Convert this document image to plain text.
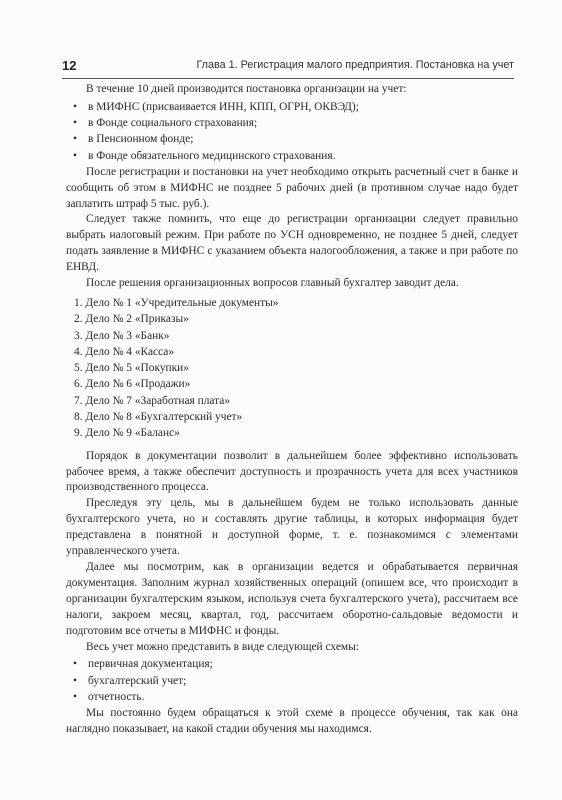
12	Глава 1. Регистрация малого предприятия. Постановка на учет

В течение 10 дней производится постановка организации на учет:

• в МИФНС (присваивается ИНН, КПП, ОГРН, ОКВЭД);
• в Фонде социального страхования;
• в Пенсионном фонде;
• в Фонде обязательного медицинского страхования.

После регистрации и постановки на учет необходимо открыть расчетный счет в банке и сообщить об этом в МИФНС не позднее 5 рабочих дней (в противном случае надо будет заплатить штраф 5 тыс. руб.).

Следует также помнить, что еще до регистрации организации следует правильно выбрать налоговый режим. При работе по УСН одновременно, не позднее 5 дней, следует подать заявление в МИФНС с указанием объекта налогообложения, а также и при работе по ЕНВД.

После решения организационных вопросов главный бухгалтер заводит дела.

1. Дело № 1 «Учредительные документы»
2. Дело № 2 «Приказы»
3. Дело № 3 «Банк»
4. Дело № 4 «Касса»
5. Дело № 5 «Покупки»
6. Дело № 6 «Продажи»
7. Дело № 7 «Заработная плата»
8. Дело № 8 «Бухгалтерский учет»
9. Дело № 9 «Баланс»

Порядок в документации позволит в дальнейшем более эффективно использовать рабочее время, а также обеспечит доступность и прозрачность учета для всех участников производственного процесса.

Преследуя эту цель, мы в дальнейшем будем не только использовать данные бухгалтерского учета, но и составлять другие таблицы, в которых информация будет представлена в понятной и доступной форме, т. е. познакомимся с элементами управленческого учета.

Далее мы посмотрим, как в организации ведется и обрабатывается первичная документация. Заполним журнал хозяйственных операций (опишем все, что происходит в организации бухгалтерским языком, используя счета бухгалтерского учета), рассчитаем все налоги, закроем месяц, квартал, год, рассчитаем оборотно-сальдовые ведомости и подготовим все отчеты в МИФНС и фонды.

Весь учет можно представить в виде следующей схемы:

• первичная документация;
• бухгалтерский учет;
• отчетность.

Мы постоянно будем обращаться к этой схеме в процессе обучения, так как она наглядно показывает, на какой стадии обучения мы находимся.
